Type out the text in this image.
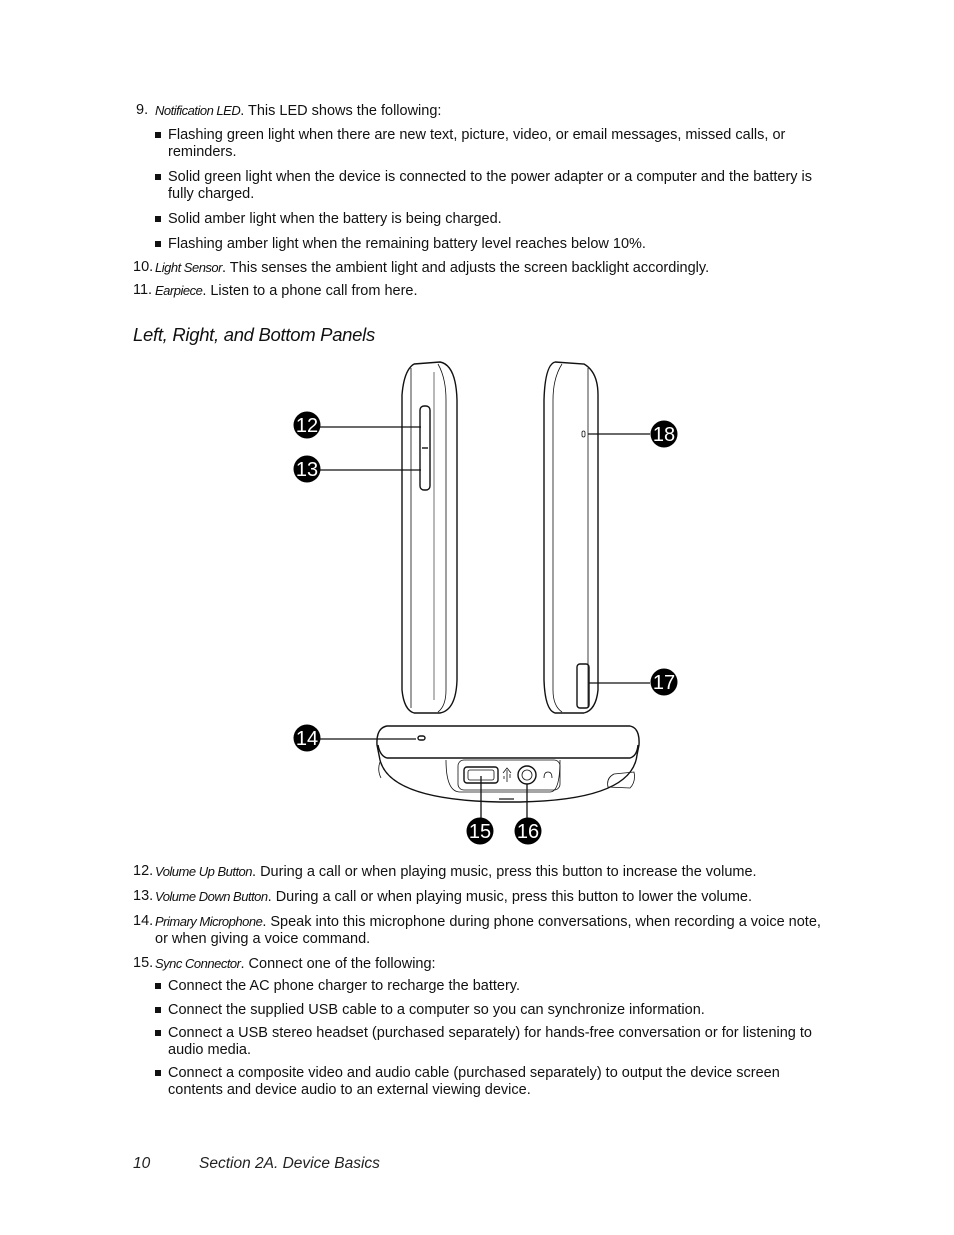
9. Notification LED. This LED shows the following:
Flashing green light when there are new text, picture, video, or email messages, missed calls, or reminders.
Solid green light when the device is connected to the power adapter or a computer and the battery is fully charged.
Solid amber light when the battery is being charged.
Flashing amber light when the remaining battery level reaches below 10%.
10. Light Sensor. This senses the ambient light and adjusts the screen backlight accordingly.
11. Earpiece. Listen to a phone call from here.
Left, Right, and Bottom Panels
12
13
14
15 16
17
18
12. Volume Up Button. During a call or when playing music, press this button to increase the volume.
13. Volume Down Button. During a call or when playing music, press this button to lower the volume.
14. Primary Microphone. Speak into this microphone during phone conversations, when recording a voice note, or when giving a voice command.
15. Sync Connector. Connect one of the following:
Connect the AC phone charger to recharge the battery.
Connect the supplied USB cable to a computer so you can synchronize information.
Connect a USB stereo headset (purchased separately) for hands-free conversation or for listening to audio media.
Connect a composite video and audio cable (purchased separately) to output the device screen contents and device audio to an external viewing device.
10	Section 2A. Device Basics
